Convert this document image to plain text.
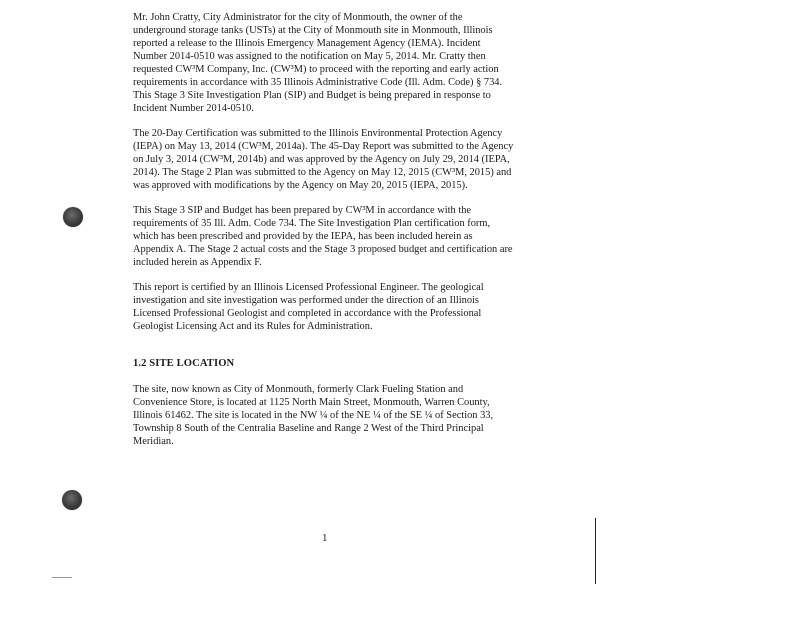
Mr. John Cratty, City Administrator for the city of Monmouth, the owner of the underground storage tanks (USTs) at the City of Monmouth site in Monmouth, Illinois reported a release to the Illinois Emergency Management Agency (IEMA). Incident Number 2014-0510 was assigned to the notification on May 5, 2014. Mr. Cratty then requested CW³M Company, Inc. (CW³M) to proceed with the reporting and early action requirements in accordance with 35 Illinois Administrative Code (Ill. Adm. Code) § 734. This Stage 3 Site Investigation Plan (SIP) and Budget is being prepared in response to Incident Number 2014-0510.

The 20-Day Certification was submitted to the Illinois Environmental Protection Agency (IEPA) on May 13, 2014 (CW³M, 2014a). The 45-Day Report was submitted to the Agency on July 3, 2014 (CW³M, 2014b) and was approved by the Agency on July 29, 2014 (IEPA, 2014). The Stage 2 Plan was submitted to the Agency on May 12, 2015 (CW³M, 2015) and was approved with modifications by the Agency on May 20, 2015 (IEPA, 2015).

This Stage 3 SIP and Budget has been prepared by CW³M in accordance with the requirements of 35 Ill. Adm. Code 734. The Site Investigation Plan certification form, which has been prescribed and provided by the IEPA, has been included herein as Appendix A. The Stage 2 actual costs and the Stage 3 proposed budget and certification are included herein as Appendix F.

This report is certified by an Illinois Licensed Professional Engineer. The geological investigation and site investigation was performed under the direction of an Illinois Licensed Professional Geologist and completed in accordance with the Professional Geologist Licensing Act and its Rules for Administration.

1.2 SITE LOCATION

The site, now known as City of Monmouth, formerly Clark Fueling Station and Convenience Store, is located at 1125 North Main Street, Monmouth, Warren County, Illinois 61462. The site is located in the NW ¼ of the NE ¼ of the SE ¼ of Section 33, Township 8 South of the Centralia Baseline and Range 2 West of the Third Principal Meridian.

1
